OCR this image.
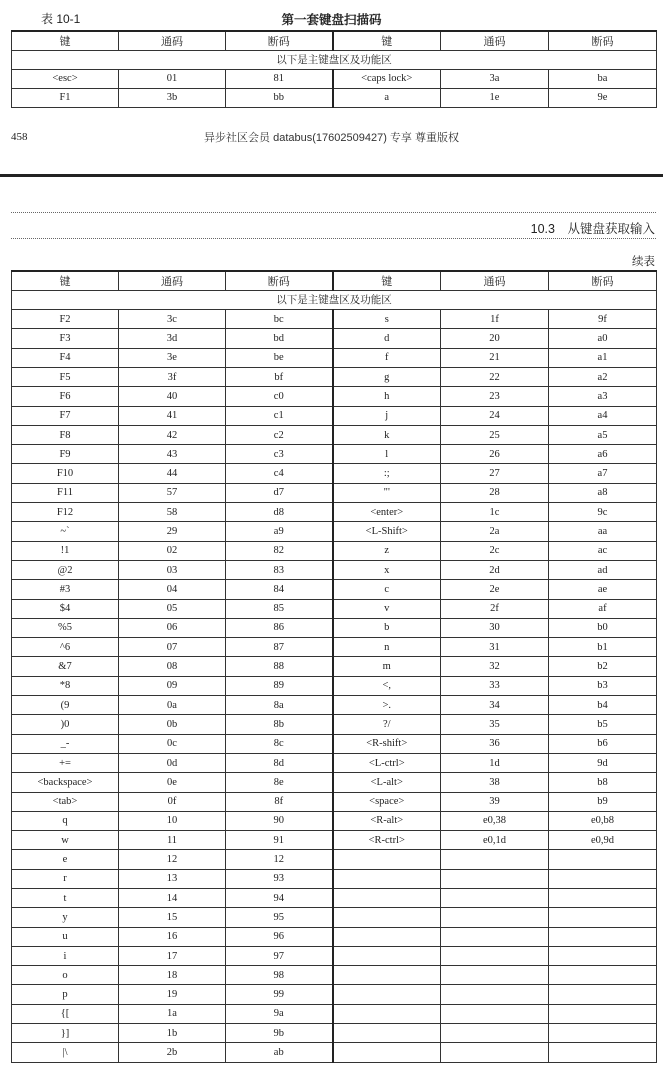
表 10-1	第一套键盘扫描码
键	通码	断码	键	通码	断码
以下是主键盘区及功能区					
<esc>	01	81	<caps lock>	3a	ba
F1	3b	bb	a	1e	9e
458	异步社区会员 databus(17602509427) 专享 尊重版权
10.3　从键盘获取输入
续表
键	通码	断码	键	通码	断码
以下是主键盘区及功能区					
F2	3c	bc	s	1f	9f
F3	3d	bd	d	20	a0
F4	3e	be	f	21	a1
F5	3f	bf	g	22	a2
F6	40	c0	h	23	a3
F7	41	c1	j	24	a4
F8	42	c2	k	25	a5
F9	43	c3	l	26	a6
F10	44	c4	:;	27	a7
F11	57	d7	"'	28	a8
F12	58	d8	<enter>	1c	9c
~`	29	a9	<L-Shift>	2a	aa
!1	02	82	z	2c	ac
@2	03	83	x	2d	ad
#3	04	84	c	2e	ae
$4	05	85	v	2f	af
%5	06	86	b	30	b0
^6	07	87	n	31	b1
&7	08	88	m	32	b2
*8	09	89	<,	33	b3
(9	0a	8a	>.	34	b4
)0	0b	8b	?/	35	b5
_-	0c	8c	<R-shift>	36	b6
+=	0d	8d	<L-ctrl>	1d	9d
<backspace>	0e	8e	<L-alt>	38	b8
<tab>	0f	8f	<space>	39	b9
q	10	90	<R-alt>	e0,38	e0,b8
w	11	91	<R-ctrl>	e0,1d	e0,9d
e	12	12			
r	13	93			
t	14	94			
y	15	95			
u	16	96			
i	17	97			
o	18	98			
p	19	99			
{[	1a	9a			
}]	1b	9b			
|\	2b	ab			
